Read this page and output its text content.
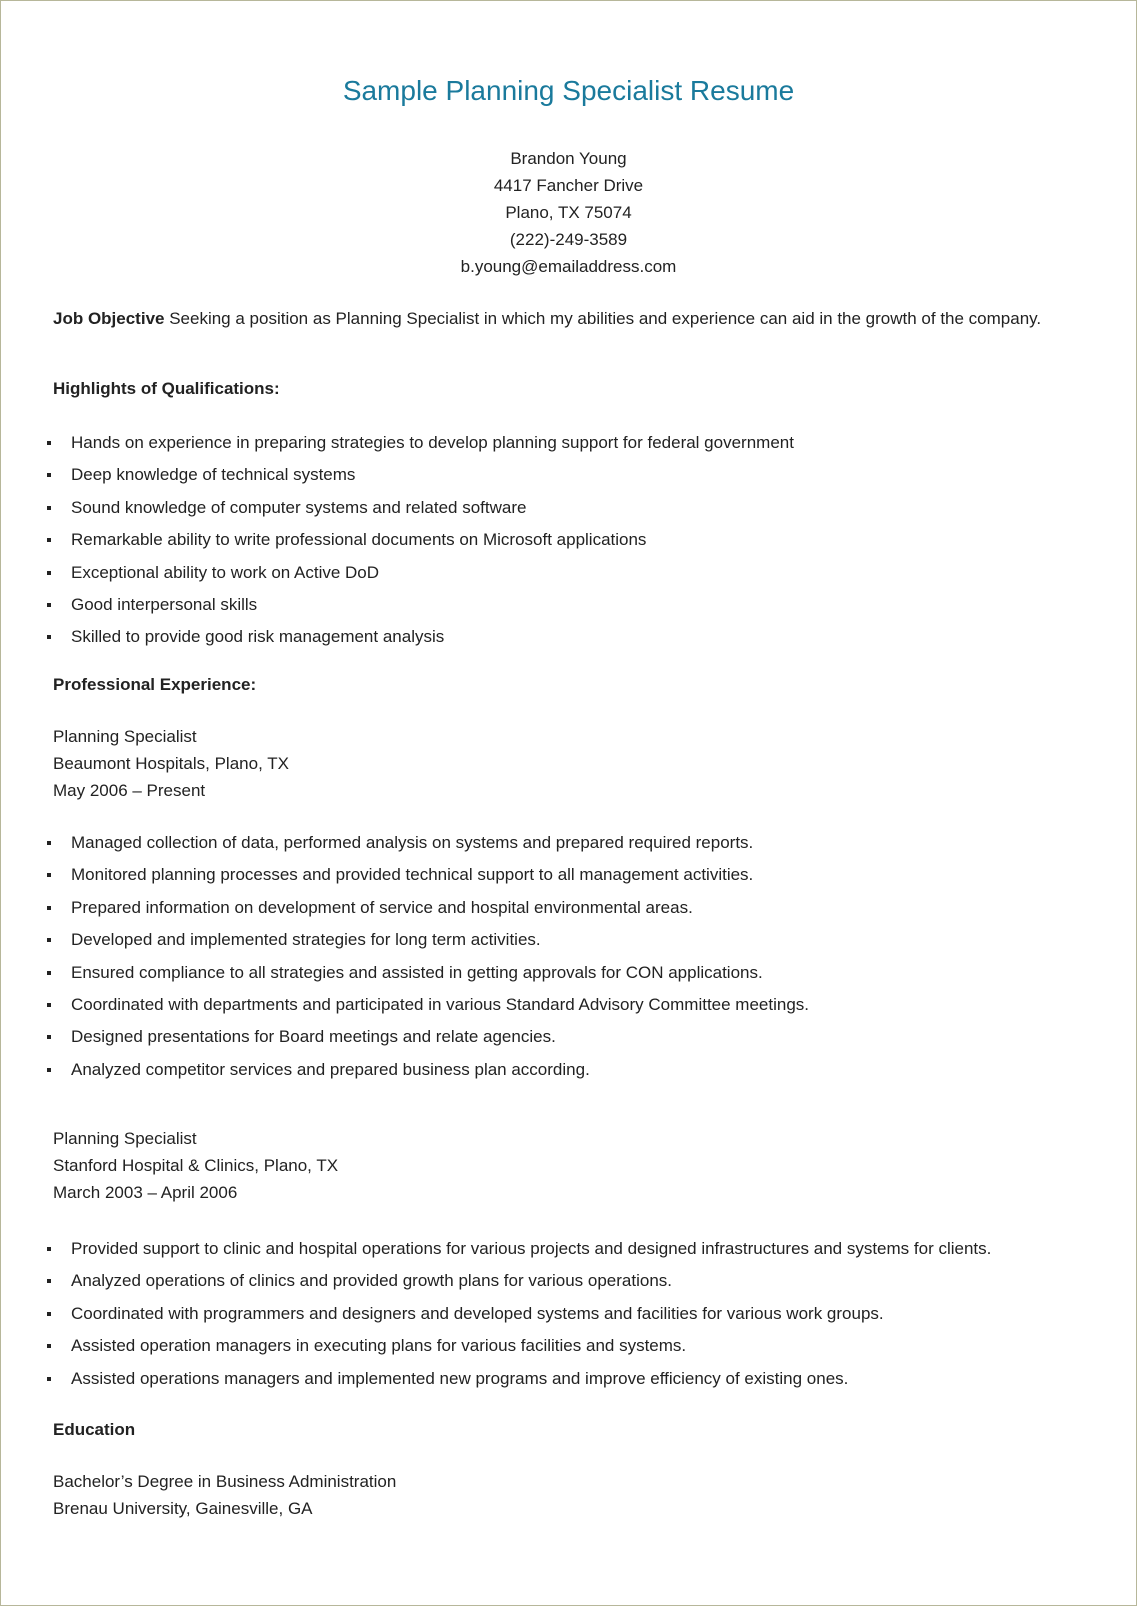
Sample Planning Specialist Resume
Brandon Young
4417 Fancher Drive
Plano, TX 75074
(222)-249-3589
b.young@emailaddress.com
Job Objective Seeking a position as Planning Specialist in which my abilities and experience can aid in the growth of the company.
Highlights of Qualifications:
Hands on experience in preparing strategies to develop planning support for federal government
Deep knowledge of technical systems
Sound knowledge of computer systems and related software
Remarkable ability to write professional documents on Microsoft applications
Exceptional ability to work on Active DoD
Good interpersonal skills
Skilled to provide good risk management analysis
Professional Experience:
Planning Specialist
Beaumont Hospitals, Plano, TX
May 2006 – Present
Managed collection of data, performed analysis on systems and prepared required reports.
Monitored planning processes and provided technical support to all management activities.
Prepared information on development of service and hospital environmental areas.
Developed and implemented strategies for long term activities.
Ensured compliance to all strategies and assisted in getting approvals for CON applications.
Coordinated with departments and participated in various Standard Advisory Committee meetings.
Designed presentations for Board meetings and relate agencies.
Analyzed competitor services and prepared business plan according.
Planning Specialist
Stanford Hospital & Clinics, Plano, TX
March 2003 – April 2006
Provided support to clinic and hospital operations for various projects and designed infrastructures and systems for clients.
Analyzed operations of clinics and provided growth plans for various operations.
Coordinated with programmers and designers and developed systems and facilities for various work groups.
Assisted operation managers in executing plans for various facilities and systems.
Assisted operations managers and implemented new programs and improve efficiency of existing ones.
Education
Bachelor’s Degree in Business Administration
Brenau University, Gainesville, GA
